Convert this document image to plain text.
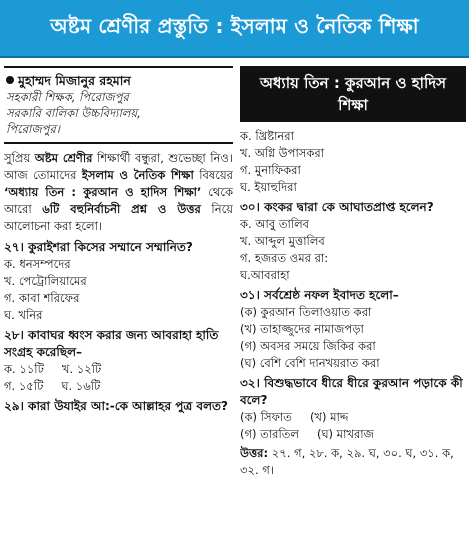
অষ্টম শ্রেণীর প্রস্তুতি : ইসলাম ও নৈতিক শিক্ষা
মুহাম্মদ মিজানুর রহমান
সহকারী শিক্ষক, পিরোজপুর
সরকারি বালিকা উচ্চবিদ্যালয়,
পিরোজপুর।
সুপ্রিয় অষ্টম শ্রেণীর শিক্ষার্থী বন্ধুরা, শুভেচ্ছা নিও। আজ তোমাদের ইসলাম ও নৈতিক শিক্ষা বিষয়ের ‘অধ্যায় তিন : কুরআন ও হাদিস শিক্ষা’ থেকে আরো ৬টি বহুনির্বাচনী প্রশ্ন ও উত্তর নিয়ে আলোচনা করা হলো।
২৭। কুরাইশরা কিসের সম্মানে সম্মানিত?
ক. ধনসম্পদের
খ. পেট্রোলিয়ামের
গ. কাবা শরিফের
ঘ. খনির
২৮। কাবাঘর ধ্বংস করার জন্য আবরাহা হাতি সংগ্রহ করেছিল–
ক. ১১টি খ. ১২টি
গ. ১৫টি ঘ. ১৬টি
২৯। কারা উযাইর আ:-কে আল্লাহর পুত্র বলত?
অধ্যায় তিন : কুরআন ও হাদিস শিক্ষা
ক. খ্রিষ্টানরা
খ. অগ্নি উপাসকরা
গ. মুনাফিকরা
ঘ. ইয়াহুদিরা
৩০। কংকর দ্বারা কে আঘাতপ্রাপ্ত হলেন?
ক. আবু তালিব
খ. আব্দুল মুত্তালিব
গ. হজরত ওমর রা:
ঘ.আবরাহা
৩১। সর্বশ্রেষ্ঠ নফল ইবাদত হলো–
(ক) কুরআন তিলাওয়াত করা
(খ) তাহাজ্জুদের নামাজপড়া
(গ) অবসর সময়ে জিকির করা
(ঘ) বেশি বেশি দানখয়রাত করা
৩২। বিশুদ্ধভাবে ধীরে ধীরে কুরআন পড়াকে কী বলে?
(ক) সিফাত (খ) মাদ্দ
(গ) তারতিল (ঘ) মাখরাজ
উত্তর: ২৭. গ, ২৮. ক, ২৯. ঘ, ৩০. ঘ, ৩১. ক, ৩২. গ।
